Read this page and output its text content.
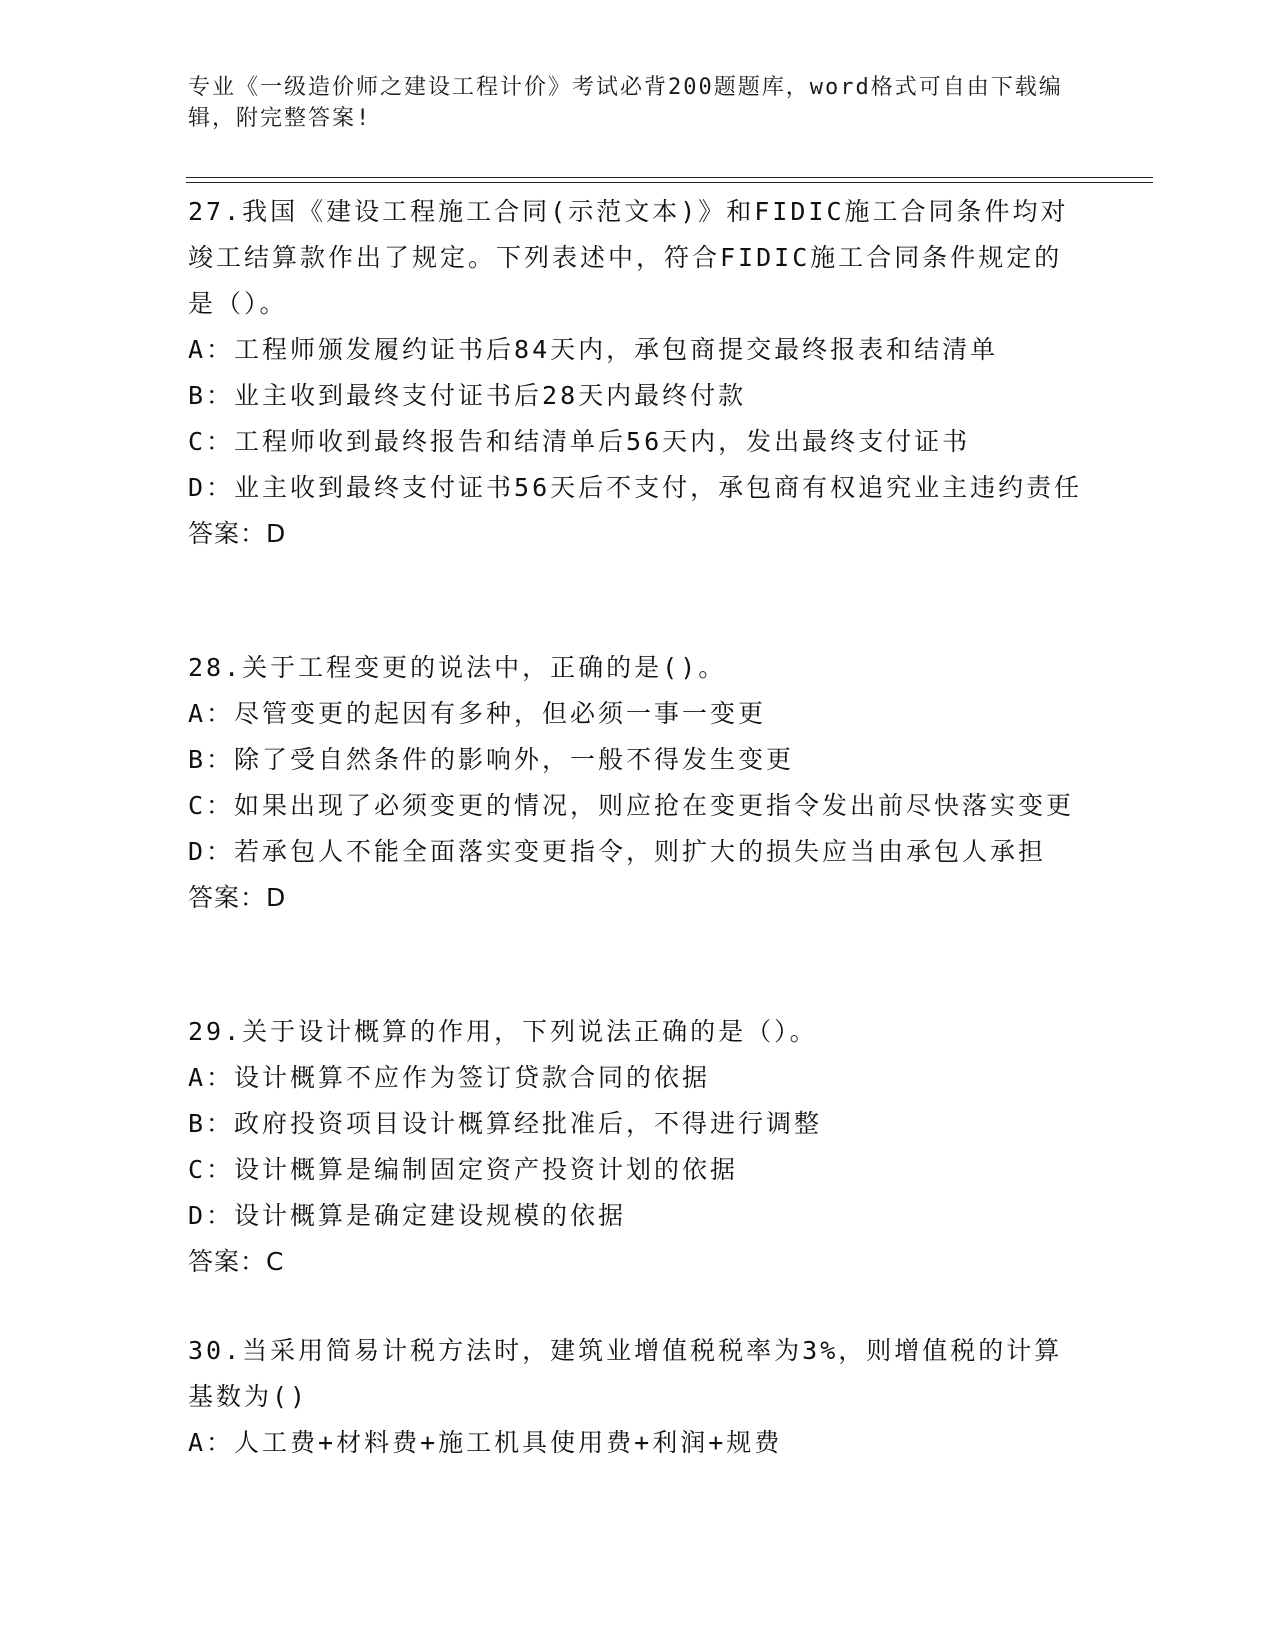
专业《一级造价师之建设工程计价》考试必背200题题库，word格式可自由下载编辑，附完整答案!

27.我国《建设工程施工合同(示范文本)》和FIDIC施工合同条件均对竣工结算款作出了规定。下列表述中，符合FIDIC施工合同条件规定的是（）。

A：工程师颁发履约证书后84天内，承包商提交最终报表和结清单

B：业主收到最终支付证书后28天内最终付款

C：工程师收到最终报告和结清单后56天内，发出最终支付证书

D：业主收到最终支付证书56天后不支付，承包商有权追究业主违约责任

答案：D

28.关于工程变更的说法中，正确的是()。

A：尽管变更的起因有多种，但必须一事一变更

B：除了受自然条件的影响外，一般不得发生变更

C：如果出现了必须变更的情况，则应抢在变更指令发出前尽快落实变更

D：若承包人不能全面落实变更指令，则扩大的损失应当由承包人承担

答案：D

29.关于设计概算的作用，下列说法正确的是（）。

A：设计概算不应作为签订贷款合同的依据

B：政府投资项目设计概算经批准后，不得进行调整

C：设计概算是编制固定资产投资计划的依据

D：设计概算是确定建设规模的依据

答案：C

30.当采用简易计税方法时，建筑业增值税税率为3%，则增值税的计算基数为()

A：人工费+材料费+施工机具使用费+利润+规费
